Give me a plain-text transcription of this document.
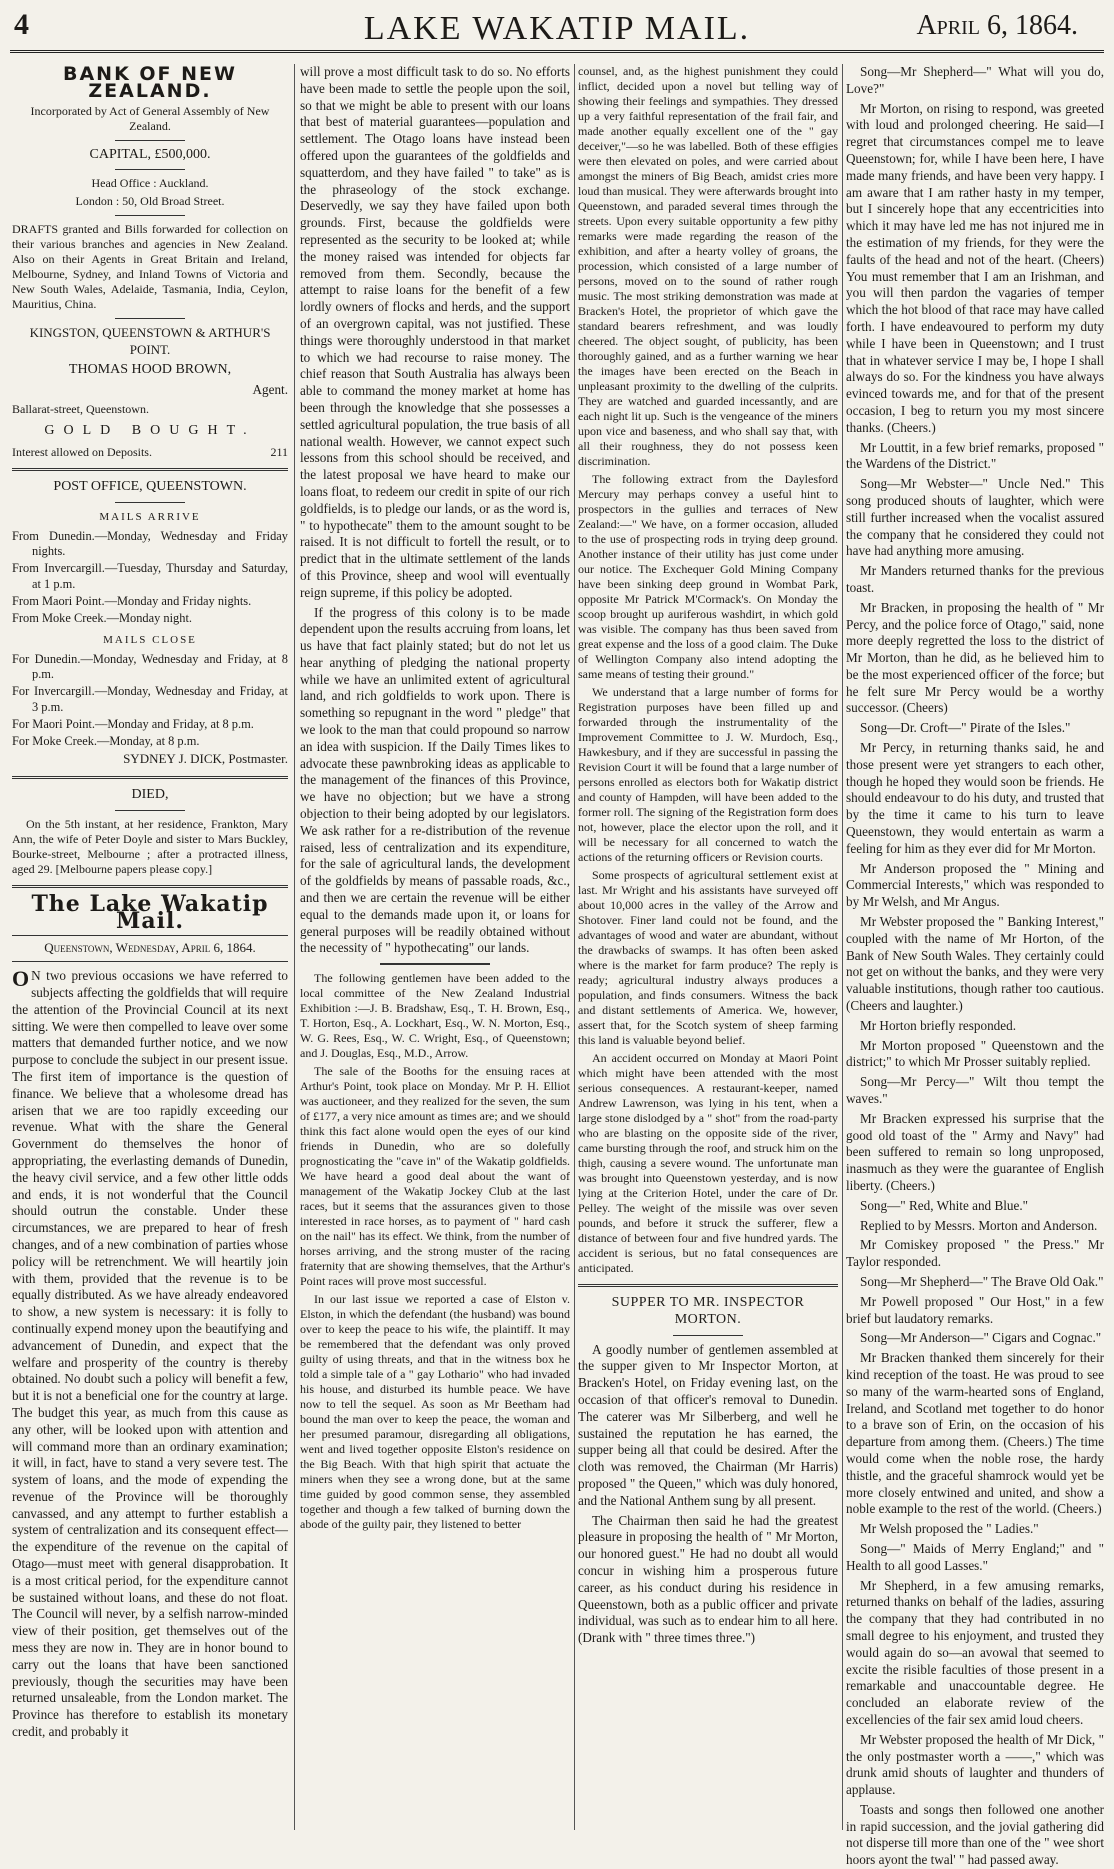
4	LAKE WAKATIP MAIL.	April 6, 1864.
BANK OF NEW ZEALAND.

Incorporated by Act of General Assembly of New Zealand.

CAPITAL, £500,000.

Head Office : Auckland.

London : 50, Old Broad Street.

DRAFTS granted and Bills forwarded for collection on their various branches and agencies in New Zealand. Also on their Agents in Great Britain and Ireland, Melbourne, Sydney, and Inland Towns of Victoria and New South Wales, Adelaide, Tasmania, India, Ceylon, Mauritius, China.

KINGSTON, QUEENSTOWN & ARTHUR'S POINT.

THOMAS HOOD BROWN,

Agent.

Ballarat-street, Queenstown.

GOLD BOUGHT.

Interest allowed on Deposits.	211

POST OFFICE, QUEENSTOWN.

MAILS ARRIVE

From Dunedin.—Monday, Wednesday and Friday nights.

From Invercargill.—Tuesday, Thursday and Saturday, at 1 p.m.

From Maori Point.—Monday and Friday nights.

From Moke Creek.—Monday night.

MAILS CLOSE

For Dunedin.—Monday, Wednesday and Friday, at 8 p.m.

For Invercargill.—Monday, Wednesday and Friday, at 3 p.m.

For Maori Point.—Monday and Friday, at 8 p.m.

For Moke Creek.—Monday, at 8 p.m.

SYDNEY J. DICK, Postmaster.

DIED,

On the 5th instant, at her residence, Frankton, Mary Ann, the wife of Peter Doyle and sister to Mars Buckley, Bourke-street, Melbourne ; after a protracted illness, aged 29. [Melbourne papers please copy.]

The Lake Wakatip Mail.
Queenstown, Wednesday, April 6, 1864.

O N two previous occasions we have referred to subjects affecting the goldfields that will require the attention of the Provincial Council at its next sitting. We were then compelled to leave over some matters that demanded further notice, and we now purpose to conclude the subject in our present issue. The first item of importance is the question of finance. We believe that a wholesome dread has arisen that we are too rapidly exceeding our revenue. What with the share the General Government do themselves the honor of appropriating, the everlasting demands of Dunedin, the heavy civil service, and a few other little odds and ends, it is not wonderful that the Council should outrun the constable. Under these circumstances, we are prepared to hear of fresh changes, and of a new combination of parties whose policy will be retrenchment. We will heartily join with them, provided that the revenue is to be equally distributed. As we have already endeavored to show, a new system is necessary: it is folly to continually expend money upon the beautifying and advancement of Dunedin, and expect that the welfare and prosperity of the country is thereby obtained. No doubt such a policy will benefit a few, but it is not a beneficial one for the country at large. The budget this year, as much from this cause as any other, will be looked upon with attention and will command more than an ordinary examination; it will, in fact, have to stand a very severe test. The system of loans, and the mode of expending the revenue of the Province will be thoroughly canvassed, and any attempt to further establish a system of centralization and its consequent effect—the expenditure of the revenue on the capital of Otago—must meet with general disapprobation. It is a most critical period, for the expenditure cannot be sustained without loans, and these do not float. The Council will never, by a selfish narrow-minded view of their position, get themselves out of the mess they are now in. They are in honor bound to carry out the loans that have been sanctioned previously, though the securities may have been returned unsaleable, from the London market. The Province has therefore to establish its monetary credit, and probably it

will prove a most difficult task to do so. No efforts have been made to settle the people upon the soil, so that we might be able to present with our loans that best of material guarantees—population and settlement. The Otago loans have instead been offered upon the guarantees of the goldfields and squatterdom, and they have failed " to take" as is the phraseology of the stock exchange. Deservedly, we say they have failed upon both grounds. First, because the goldfields were represented as the security to be looked at; while the money raised was intended for objects far removed from them. Secondly, because the attempt to raise loans for the benefit of a few lordly owners of flocks and herds, and the support of an overgrown capital, was not justified. These things were thoroughly understood in that market to which we had recourse to raise money. The chief reason that South Australia has always been able to command the money market at home has been through the knowledge that she possesses a settled agricultural population, the true basis of all national wealth. However, we cannot expect such lessons from this school should be received, and the latest proposal we have heard to make our loans float, to redeem our credit in spite of our rich goldfields, is to pledge our lands, or as the word is, " to hypothecate" them to the amount sought to be raised. It is not difficult to fortell the result, or to predict that in the ultimate settlement of the lands of this Province, sheep and wool will eventually reign supreme, if this policy be adopted.

If the progress of this colony is to be made dependent upon the results accruing from loans, let us have that fact plainly stated; but do not let us hear anything of pledging the national property while we have an unlimited extent of agricultural land, and rich goldfields to work upon. There is something so repugnant in the word " pledge" that we look to the man that could propound so narrow an idea with suspicion. If the Daily Times likes to advocate these pawnbroking ideas as applicable to the management of the finances of this Province, we have no objection; but we have a strong objection to their being adopted by our legislators. We ask rather for a re-distribution of the revenue raised, less of centralization and its expenditure, for the sale of agricultural lands, the development of the goldfields by means of passable roads, &c., and then we are certain the revenue will be either equal to the demands made upon it, or loans for general purposes will be readily obtained without the necessity of " hypothecating" our lands.

The following gentlemen have been added to the local committee of the New Zealand Industrial Exhibition :—J. B. Bradshaw, Esq., T. H. Brown, Esq., T. Horton, Esq., A. Lockhart, Esq., W. N. Morton, Esq., W. G. Rees, Esq., W. C. Wright, Esq., of Queenstown; and J. Douglas, Esq., M.D., Arrow.

The sale of the Booths for the ensuing races at Arthur's Point, took place on Monday. Mr P. H. Elliot was auctioneer, and they realized for the seven, the sum of £177, a very nice amount as times are; and we should think this fact alone would open the eyes of our kind friends in Dunedin, who are so dolefully prognosticating the "cave in" of the Wakatip goldfields. We have heard a good deal about the want of management of the Wakatip Jockey Club at the last races, but it seems that the assurances given to those interested in race horses, as to payment of " hard cash on the nail" has its effect. We think, from the number of horses arriving, and the strong muster of the racing fraternity that are showing themselves, that the Arthur's Point races will prove most successful.

In our last issue we reported a case of Elston v. Elston, in which the defendant (the husband) was bound over to keep the peace to his wife, the plaintiff. It may be remembered that the defendant was only proved guilty of using threats, and that in the witness box he told a simple tale of a " gay Lothario" who had invaded his house, and disturbed its humble peace. We have now to tell the sequel. As soon as Mr Beetham had bound the man over to keep the peace, the woman and her presumed paramour, disregarding all obligations, went and lived together opposite Elston's residence on the Big Beach. With that high spirit that actuate the miners when they see a wrong done, but at the same time guided by good common sense, they assembled together and though a few talked of burning down the abode of the guilty pair, they listened to better

counsel, and, as the highest punishment they could inflict, decided upon a novel but telling way of showing their feelings and sympathies. They dressed up a very faithful representation of the frail fair, and made another equally excellent one of the " gay deceiver,"—so he was labelled. Both of these effigies were then elevated on poles, and were carried about amongst the miners of Big Beach, amidst cries more loud than musical. They were afterwards brought into Queenstown, and paraded several times through the streets. Upon every suitable opportunity a few pithy remarks were made regarding the reason of the exhibition, and after a hearty volley of groans, the procession, which consisted of a large number of persons, moved on to the sound of rather rough music. The most striking demonstration was made at Bracken's Hotel, the proprietor of which gave the standard bearers refreshment, and was loudly cheered. The object sought, of publicity, has been thoroughly gained, and as a further warning we hear the images have been erected on the Beach in unpleasant proximity to the dwelling of the culprits. They are watched and guarded incessantly, and are each night lit up. Such is the vengeance of the miners upon vice and baseness, and who shall say that, with all their roughness, they do not possess keen discrimination.

The following extract from the Daylesford Mercury may perhaps convey a useful hint to prospectors in the gullies and terraces of New Zealand:—" We have, on a former occasion, alluded to the use of prospecting rods in trying deep ground. Another instance of their utility has just come under our notice. The Exchequer Gold Mining Company have been sinking deep ground in Wombat Park, opposite Mr Patrick M'Cormack's. On Monday the scoop brought up auriferous washdirt, in which gold was visible. The company has thus been saved from great expense and the loss of a good claim. The Duke of Wellington Company also intend adopting the same means of testing their ground."

We understand that a large number of forms for Registration purposes have been filled up and forwarded through the instrumentality of the Improvement Committee to J. W. Murdoch, Esq., Hawkesbury, and if they are successful in passing the Revision Court it will be found that a large number of persons enrolled as electors both for Wakatip district and county of Hampden, will have been added to the former roll. The signing of the Registration form does not, however, place the elector upon the roll, and it will be necessary for all concerned to watch the actions of the returning officers or Revision courts.

Some prospects of agricultural settlement exist at last. Mr Wright and his assistants have surveyed off about 10,000 acres in the valley of the Arrow and Shotover. Finer land could not be found, and the advantages of wood and water are abundant, without the drawbacks of swamps. It has often been asked where is the market for farm produce? The reply is ready; agricultural industry always produces a population, and finds consumers. Witness the back and distant settlements of America. We, however, assert that, for the Scotch system of sheep farming this land is valuable beyond belief.

An accident occurred on Monday at Maori Point which might have been attended with the most serious consequences. A restaurant-keeper, named Andrew Lawrenson, was lying in his tent, when a large stone dislodged by a " shot" from the road-party who are blasting on the opposite side of the river, came bursting through the roof, and struck him on the thigh, causing a severe wound. The unfortunate man was brought into Queenstown yesterday, and is now lying at the Criterion Hotel, under the care of Dr. Pelley. The weight of the missile was over seven pounds, and before it struck the sufferer, flew a distance of between four and five hundred yards. The accident is serious, but no fatal consequences are anticipated.

SUPPER TO MR. INSPECTOR MORTON.

A goodly number of gentlemen assembled at the supper given to Mr Inspector Morton, at Bracken's Hotel, on Friday evening last, on the occasion of that officer's removal to Dunedin. The caterer was Mr Silberberg, and well he sustained the reputation he has earned, the supper being all that could be desired. After the cloth was removed, the Chairman (Mr Harris) proposed " the Queen," which was duly honored, and the National Anthem sung by all present.

The Chairman then said he had the greatest pleasure in proposing the health of " Mr Morton, our honored guest." He had no doubt all would concur in wishing him a prosperous future career, as his conduct during his residence in Queenstown, both as a public officer and private individual, was such as to endear him to all here. (Drank with " three times three.")

Song—Mr Shepherd—" What will you do, Love?"

Mr Morton, on rising to respond, was greeted with loud and prolonged cheering. He said—I regret that circumstances compel me to leave Queenstown; for, while I have been here, I have made many friends, and have been very happy. I am aware that I am rather hasty in my temper, but I sincerely hope that any eccentricities into which it may have led me has not injured me in the estimation of my friends, for they were the faults of the head and not of the heart. (Cheers) You must remember that I am an Irishman, and you will then pardon the vagaries of temper which the hot blood of that race may have called forth. I have endeavoured to perform my duty while I have been in Queenstown; and I trust that in whatever service I may be, I hope I shall always do so. For the kindness you have always evinced towards me, and for that of the present occasion, I beg to return you my most sincere thanks. (Cheers.)

Mr Louttit, in a few brief remarks, proposed " the Wardens of the District."

Song—Mr Webster—" Uncle Ned." This song produced shouts of laughter, which were still further increased when the vocalist assured the company that he considered they could not have had anything more amusing.

Mr Manders returned thanks for the previous toast.

Mr Bracken, in proposing the health of " Mr Percy, and the police force of Otago," said, none more deeply regretted the loss to the district of Mr Morton, than he did, as he believed him to be the most experienced officer of the force; but he felt sure Mr Percy would be a worthy successor. (Cheers)

Song—Dr. Croft—" Pirate of the Isles."

Mr Percy, in returning thanks said, he and those present were yet strangers to each other, though he hoped they would soon be friends. He should endeavour to do his duty, and trusted that by the time it came to his turn to leave Queenstown, they would entertain as warm a feeling for him as they ever did for Mr Morton.

Mr Anderson proposed the " Mining and Commercial Interests," which was responded to by Mr Welsh, and Mr Angus.

Mr Webster proposed the " Banking Interest," coupled with the name of Mr Horton, of the Bank of New South Wales. They certainly could not get on without the banks, and they were very valuable institutions, though rather too cautious. (Cheers and laughter.)

Mr Horton briefly responded.

Mr Morton proposed " Queenstown and the district;" to which Mr Prosser suitably replied.

Song—Mr Percy—" Wilt thou tempt the waves."

Mr Bracken expressed his surprise that the good old toast of the " Army and Navy" had been suffered to remain so long unproposed, inasmuch as they were the guarantee of English liberty. (Cheers.)

Song—" Red, White and Blue."

Replied to by Messrs. Morton and Anderson.

Mr Comiskey proposed " the Press." Mr Taylor responded.

Song—Mr Shepherd—" The Brave Old Oak."

Mr Powell proposed " Our Host," in a few brief but laudatory remarks.

Song—Mr Anderson—" Cigars and Cognac."

Mr Bracken thanked them sincerely for their kind reception of the toast. He was proud to see so many of the warm-hearted sons of England, Ireland, and Scotland met together to do honor to a brave son of Erin, on the occasion of his departure from among them. (Cheers.) The time would come when the noble rose, the hardy thistle, and the graceful shamrock would yet be more closely entwined and united, and show a noble example to the rest of the world. (Cheers.)

Mr Welsh proposed the " Ladies."

Song—" Maids of Merry England;" and " Health to all good Lasses."

Mr Shepherd, in a few amusing remarks, returned thanks on behalf of the ladies, assuring the company that they had contributed in no small degree to his enjoyment, and trusted they would again do so—an avowal that seemed to excite the risible faculties of those present in a remarkable and unaccountable degree. He concluded an elaborate review of the excellencies of the fair sex amid loud cheers.

Mr Webster proposed the health of Mr Dick, " the only postmaster worth a ——," which was drunk amid shouts of laughter and thunders of applause.

Toasts and songs then followed one another in rapid succession, and the jovial gathering did not disperse till more than one of the " wee short hoors ayont the twal' " had passed away.
